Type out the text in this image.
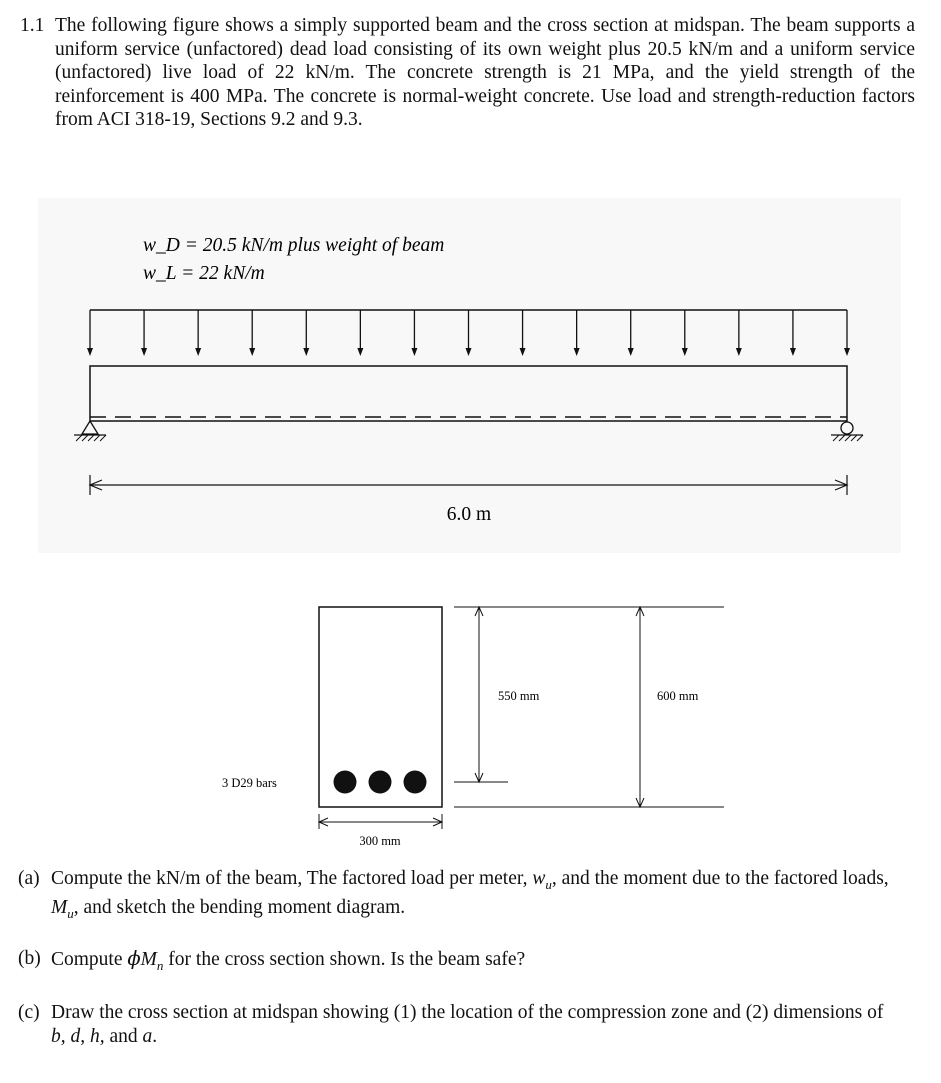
1.1 The following figure shows a simply supported beam and the cross section at midspan. The beam supports a uniform service (unfactored) dead load consisting of its own weight plus 20.5 kN/m and a uniform service (unfactored) live load of 22 kN/m. The concrete strength is 21 MPa, and the yield strength of the reinforcement is 400 MPa. The concrete is normal-weight concrete. Use load and strength-reduction factors from ACI 318-19, Sections 9.2 and 9.3.
w_D = 20.5 kN/m plus weight of beam
w_L = 22 kN/m
6.0 m
3 D29 bars
300 mm
550 mm	600 mm
(a) Compute the kN/m of the beam, The factored load per meter, $w_u$, and the moment due to the factored loads, $M_u$, and sketch the bending moment diagram.
(b) Compute $\phi M_n$ for the cross section shown. Is the beam safe?
(c) Draw the cross section at midspan showing (1) the location of the compression zone and (2) dimensions of b, d, h, and a.
